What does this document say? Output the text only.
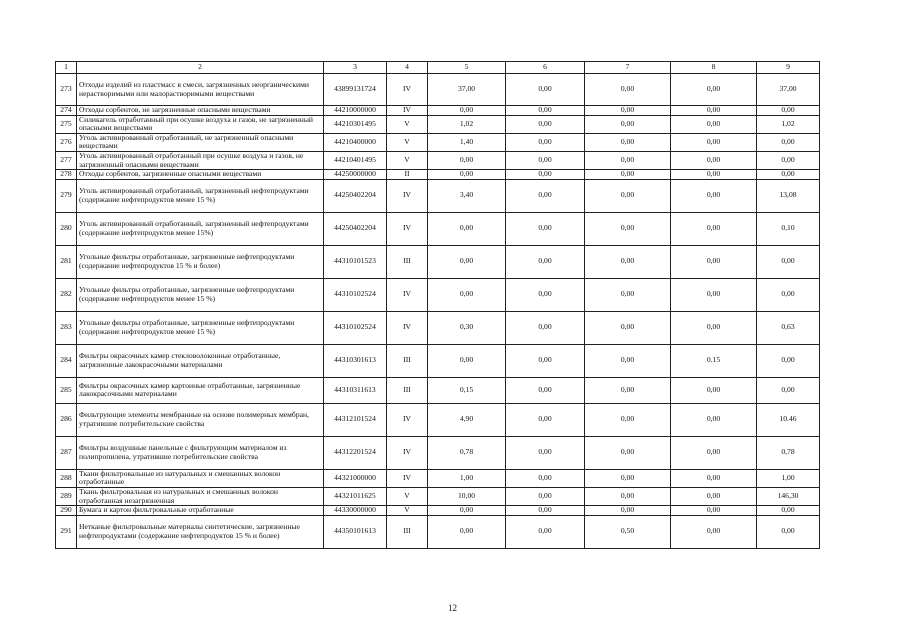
1	2	3	4	5	6	7	8	9
273	Отходы изделий из пластмасс в смеси, загрязненных неорганическими нерастворимыми или малорастворимыми веществами	43899131724	IV	37,00	0,00	0,00	0,00	37,00
274	Отходы сорбентов, не загрязненные опасными веществами	44210000000	IV	0,00	0,00	0,00	0,00	0,00
275	Силикагель отработанный при осушке воздуха и газов, не загрязненный опасными веществами	44210301495	V	1,02	0,00	0,00	0,00	1,02
276	Уголь активированный отработанный, не загрязненный опасными веществами	44210400000	V	1,40	0,00	0,00	0,00	0,00
277	Уголь активированный отработанный при осушке воздуха и газов, не загрязненный опасными веществами	44210401495	V	0,00	0,00	0,00	0,00	0,00
278	Отходы сорбентов, загрязненные опасными веществами	44250000000	II	0,00	0,00	0,00	0,00	0,00
279	Уголь активированный отработанный, загрязненный нефтепродуктами (содержание нефтепродуктов менее 15 %)	44250402204	IV	3,40	0,00	0,00	0,00	13,08
280	Уголь активированный отработанный, загрязненный нефтепродуктами (содержание нефтепродуктов менее 15%)	44250402204	IV	0,00	0,00	0,00	0,00	0,10
281	Угольные фильтры отработанные, загрязненные нефтепродуктами (содержание нефтепродуктов 15 % и более)	44310101523	III	0,00	0,00	0,00	0,00	0,00
282	Угольные фильтры отработанные, загрязненные нефтепродуктами (содержание нефтепродуктов менее 15 %)	44310102524	IV	0,00	0,00	0,00	0,00	0,00
283	Угольные фильтры отработанные, загрязненные нефтепродуктами (содержание нефтепродуктов менее 15 %)	44310102524	IV	0,30	0,00	0,00	0,00	0,63
284	Фильтры окрасочных камер стекловолоконные отработанные, загрязненные лакокрасочными материалами	44310301613	III	0,00	0,00	0,00	0.15	0,00
285	Фильтры окрасочных камер картонные отработанные, загрязненные лакокрасочными материалами	44310311613	III	0,15	0,00	0,00	0,00	0,00
286	Фильтрующие элементы мембранные на основе полимерных мембран, утратившие потребительские свойства	44312101524	IV	4,90	0,00	0,00	0,00	10.46
287	Фильтры воздушные панельные с фильтрующим материалом из полипропилена, утратившие потребительские свойства	44312201524	IV	0,78	0,00	0,00	0,00	0,78
288	Ткани фильтровальные из натуральных и смешанных волокон отработанные	44321000000	IV	1,00	0,00	0,00	0,00	1,00
289	Ткань фильтровальная из натуральных и смешанных волокон отработанная незагрязненная	44321011625	V	10,00	0,00	0,00	0,00	146,30
290	Бумага и картон фильтровальные отработанные	44330000000	V	0,00	0,00	0,00	0,00	0,00
291	Нетканые фильтровальные материалы синтетические, загрязненные нефтепродуктами (содержание нефтепродуктов 15 % и более)	44350101613	III	0,00	0,00	0,50	0,00	0,00
12
